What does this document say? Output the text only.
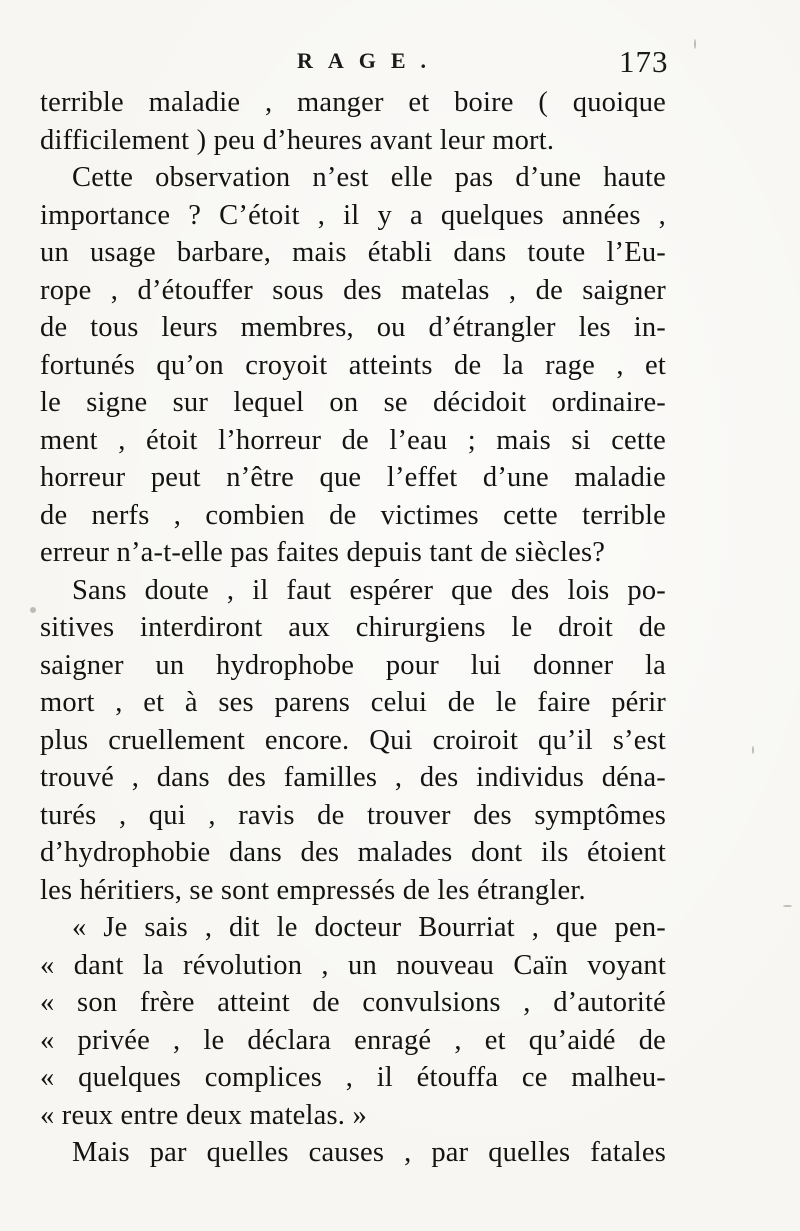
RAGE.	173
terrible maladie , manger et boire ( quoique
difficilement ) peu d’heures avant leur mort.
Cette observation n’est elle pas d’une haute
importance ? C’étoit , il y a quelques années ,
un usage barbare, mais établi dans toute l’Eu-
rope , d’étouffer sous des matelas , de saigner
de tous leurs membres, ou d’étrangler les in-
fortunés qu’on croyoit atteints de la rage , et
le signe sur lequel on se décidoit ordinaire-
ment , étoit l’horreur de l’eau ; mais si cette
horreur peut n’être que l’effet d’une maladie
de nerfs , combien de victimes cette terrible
erreur n’a-t-elle pas faites depuis tant de siècles?
Sans doute , il faut espérer que des lois po-
sitives interdiront aux chirurgiens le droit de
saigner un hydrophobe pour lui donner la
mort , et à ses parens celui de le faire périr
plus cruellement encore. Qui croiroit qu’il s’est
trouvé , dans des familles , des individus déna-
turés , qui , ravis de trouver des symptômes
d’hydrophobie dans des malades dont ils étoient
les héritiers, se sont empressés de les étrangler.
« Je sais , dit le docteur Bourriat , que pen-
« dant la révolution , un nouveau Caïn voyant
« son frère atteint de convulsions , d’autorité
« privée , le déclara enragé , et qu’aidé de
« quelques complices , il étouffa ce malheu-
« reux entre deux matelas. »
Mais par quelles causes , par quelles fatales
